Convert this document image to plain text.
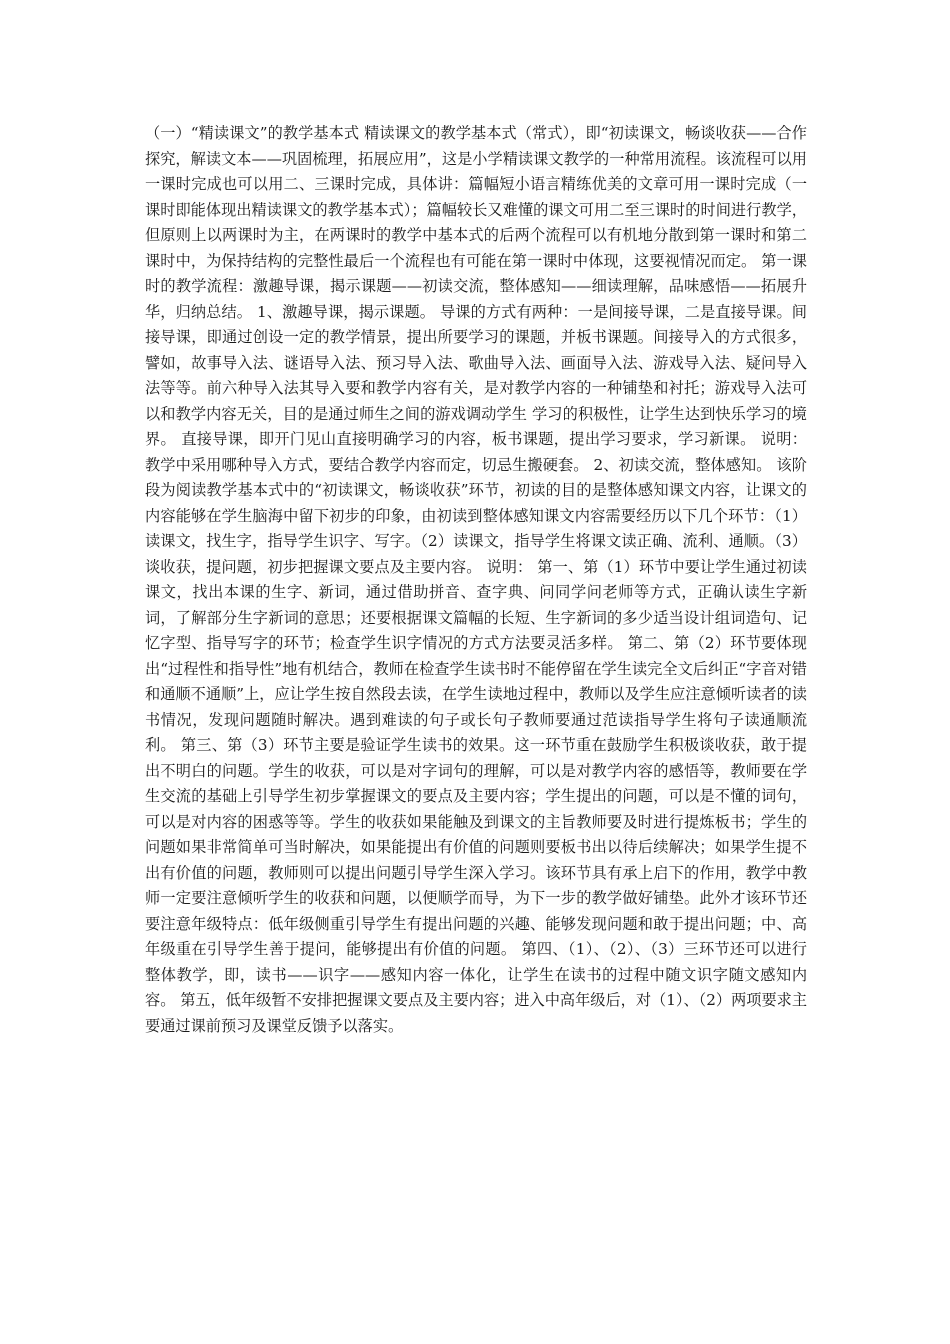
（一）“精读课文”的教学基本式 精读课文的教学基本式（常式），即“初读课文，畅谈收获——合作探究，解读文本——巩固梳理，拓展应用”，这是小学精读课文教学的一种常用流程。该流程可以用一课时完成也可以用二、三课时完成，具体讲：篇幅短小语言精练优美的文章可用一课时完成（一课时即能体现出精读课文的教学基本式）；篇幅较长又难懂的课文可用二至三课时的时间进行教学，但原则上以两课时为主，在两课时的教学中基本式的后两个流程可以有机地分散到第一课时和第二课时中，为保持结构的完整性最后一个流程也有可能在第一课时中体现，这要视情况而定。 第一课时的教学流程：激趣导课，揭示课题——初读交流，整体感知——细读理解，品味感悟——拓展升华，归纳总结。 1、激趣导课，揭示课题。 导课的方式有两种：一是间接导课，二是直接导课。间接导课，即通过创设一定的教学情景，提出所要学习的课题，并板书课题。间接导入的方式很多，譬如，故事导入法、谜语导入法、预习导入法、歌曲导入法、画面导入法、游戏导入法、疑问导入法等等。前六种导入法其导入要和教学内容有关，是对教学内容的一种铺垫和衬托；游戏导入法可以和教学内容无关，目的是通过师生之间的游戏调动学生 学习的积极性，让学生达到快乐学习的境界。 直接导课，即开门见山直接明确学习的内容，板书课题，提出学习要求，学习新课。 说明： 教学中采用哪种导入方式，要结合教学内容而定，切忌生搬硬套。 2、初读交流，整体感知。 该阶段为阅读教学基本式中的“初读课文，畅谈收获”环节，初读的目的是整体感知课文内容，让课文的内容能够在学生脑海中留下初步的印象，由初读到整体感知课文内容需要经历以下几个环节：（1）读课文，找生字，指导学生识字、写字。（2）读课文，指导学生将课文读正确、流利、通顺。（3）谈收获，提问题，初步把握课文要点及主要内容。 说明： 第一、第（1）环节中要让学生通过初读课文，找出本课的生字、新词，通过借助拼音、查字典、问同学问老师等方式，正确认读生字新词，了解部分生字新词的意思；还要根据课文篇幅的长短、生字新词的多少适当设计组词造句、记忆字型、指导写字的环节；检查学生识字情况的方式方法要灵活多样。 第二、第（2）环节要体现出“过程性和指导性”地有机结合，教师在检查学生读书时不能停留在学生读完全文后纠正“字音对错和通顺不通顺”上，应让学生按自然段去读，在学生读地过程中，教师以及学生应注意倾听读者的读书情况，发现问题随时解决。遇到难读的句子或长句子教师要通过范读指导学生将句子读通顺流利。 第三、第（3）环节主要是验证学生读书的效果。这一环节重在鼓励学生积极谈收获，敢于提出不明白的问题。学生的收获，可以是对字词句的理解，可以是对教学内容的感悟等，教师要在学生交流的基础上引导学生初步掌握课文的要点及主要内容；学生提出的问题，可以是不懂的词句，可以是对内容的困惑等等。学生的收获如果能触及到课文的主旨教师要及时进行提炼板书；学生的问题如果非常简单可当时解决，如果能提出有价值的问题则要板书出以待后续解决；如果学生提不出有价值的问题，教师则可以提出问题引导学生深入学习。该环节具有承上启下的作用，教学中教师一定要注意倾听学生的收获和问题，以便顺学而导，为下一步的教学做好铺垫。此外才该环节还要注意年级特点：低年级侧重引导学生有提出问题的兴趣、能够发现问题和敢于提出问题；中、高年级重在引导学生善于提问，能够提出有价值的问题。 第四、（1）、（2）、（3）三环节还可以进行整体教学，即，读书——识字——感知内容一体化，让学生在读书的过程中随文识字随文感知内容。 第五，低年级暂不安排把握课文要点及主要内容；进入中高年级后，对（1）、（2）两项要求主要通过课前预习及课堂反馈予以落实。
